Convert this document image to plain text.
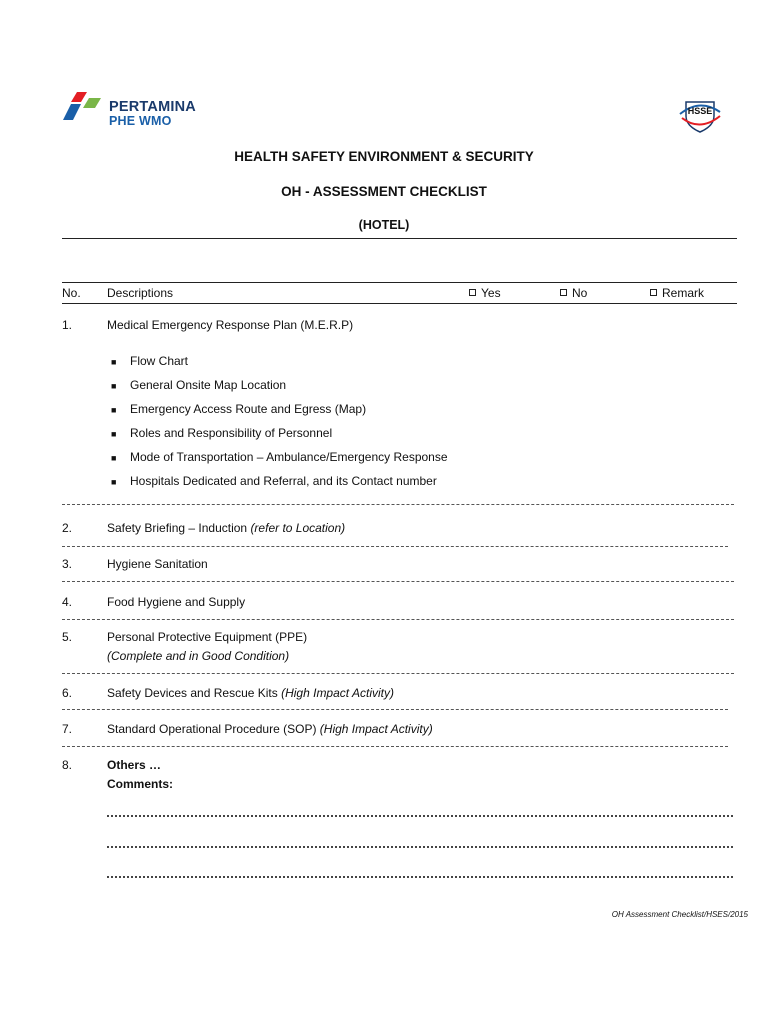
PERTAMINA
PHE WMO
HSSE
HEALTH SAFETY ENVIRONMENT & SECURITY
OH - ASSESSMENT CHECKLIST
(HOTEL)
No. Descriptions	Yes	No	Remark
1.	Medical Emergency Response Plan (M.E.R.P)
■ Flow Chart
■ General Onsite Map Location
■ Emergency Access Route and Egress (Map)
■ Roles and Responsibility of Personnel
■ Mode of Transportation – Ambulance/Emergency Response
■ Hospitals Dedicated and Referral, and its Contact number
2.	Safety Briefing – Induction (refer to Location)
3.	Hygiene Sanitation
4.	Food Hygiene and Supply
5.	Personal Protective Equipment (PPE)
(Complete and in Good Condition)
6.	Safety Devices and Rescue Kits (High Impact Activity)
7.	Standard Operational Procedure (SOP) (High Impact Activity)
8.	Others …
Comments:
OH Assessment Checklist/HSES/2015
